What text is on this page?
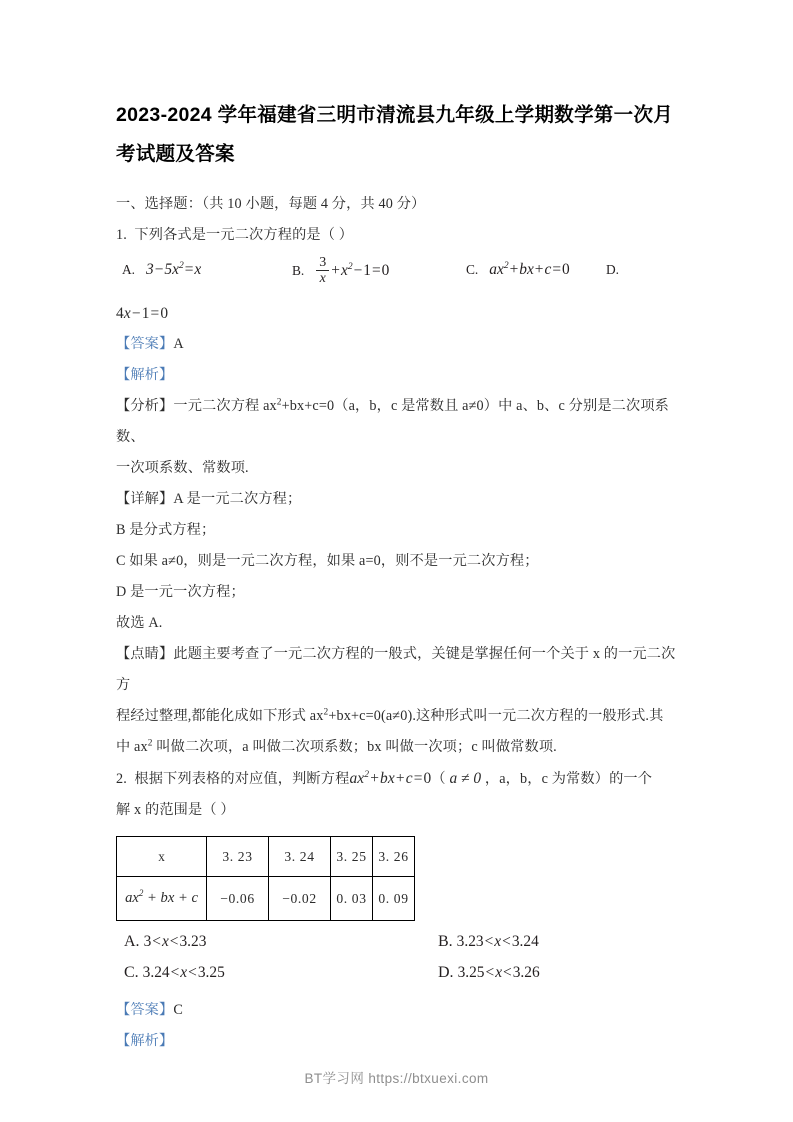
2023-2024 学年福建省三明市清流县九年级上学期数学第一次月考试题及答案

一、选择题：（共 10 小题，每题 4 分，共 40 分）

1. 下列各式是一元二次方程的是（ ）

A. $3-5x^2=x$	B. $\frac{3}{x} +x^2-1=0$	C. $ax^2+bx+c=0$	D.

4x−1=0

【答案】A

【解析】

【分析】一元二次方程 $ax^2+bx+c=0(a$，b，c 是常数且 a≠0）中 a、b、c 分别是二次项系数、

一次项系数、常数项.

【详解】A 是一元二次方程；

B 是分式方程；

C 如果 a≠0，则是一元二次方程，如果 a=0，则不是一元二次方程；

D 是一元一次方程；

故选 A.

【点睛】此题主要考查了一元二次方程的一般式，关键是掌握任何一个关于 x 的一元二次方

程经过整理,都能化成如下形式 $ax^2+bx+c=0(a\ne 0)$.这种形式叫一元二次方程的一般形式.其

中 $ax^2$ 叫做二次项，a 叫做二次项系数；bx 叫做一次项；c 叫做常数项.

2. 根据下列表格的对应值，判断方程$ax^2+bx+c=0$（ a ≠ 0 ，a，b，c 为常数）的一个

解 x 的范围是（ ）

x	3. 23	3. 24	3. 25	3. 26
$ax^2$ + bx + c	−0.06	−0.02	0. 03	0. 09
A. 3<x<3.23	B. 3.23<x<3.24
C. 3.24<x<3.25	D. 3.25<x<3.26

【答案】C

【解析】

BT学习网 https://btxuexi.com
